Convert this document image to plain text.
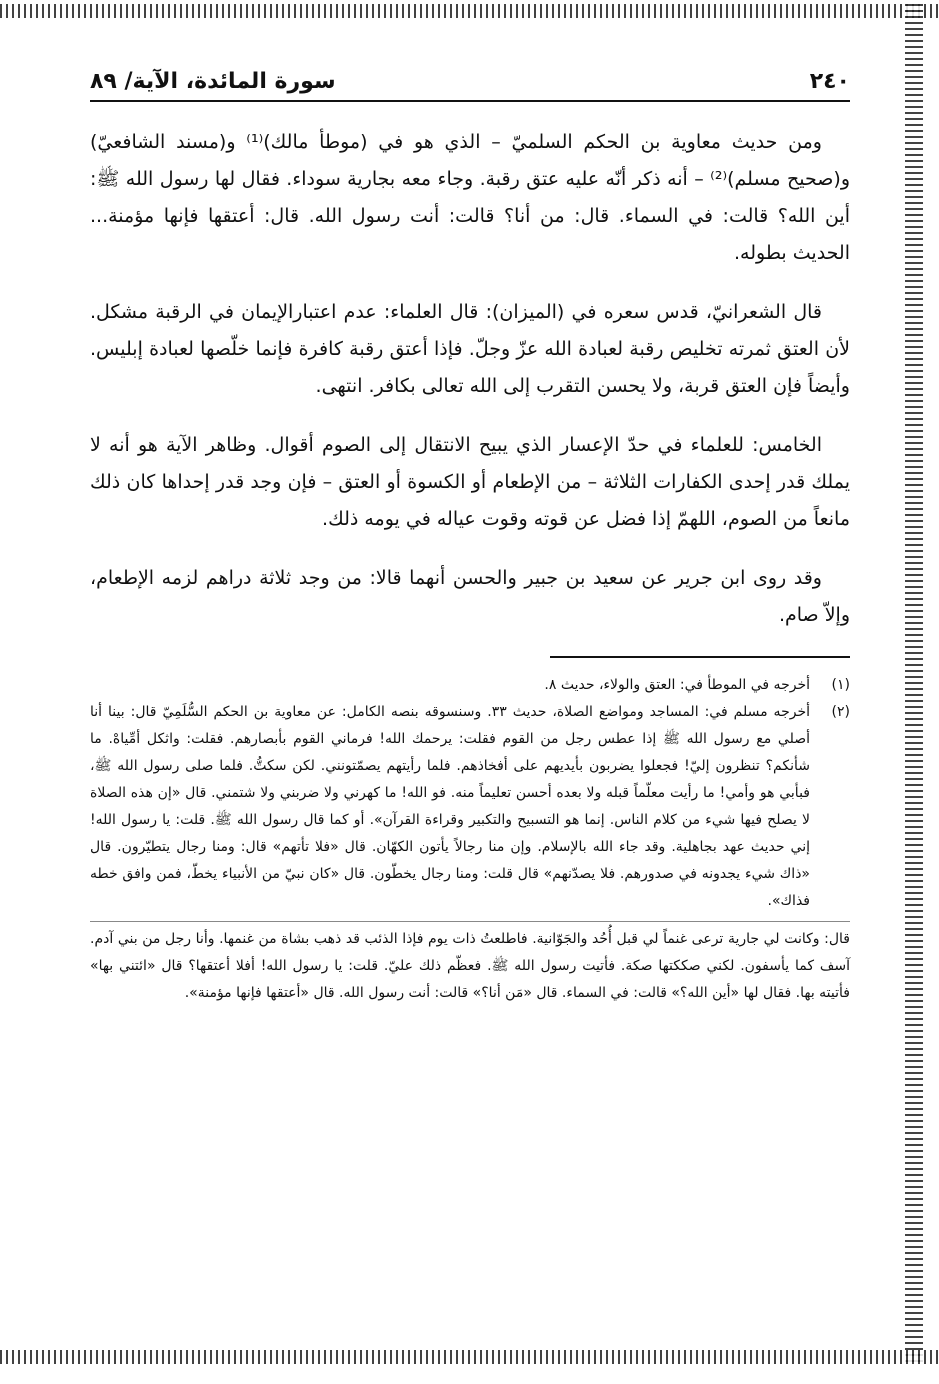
سورة المائدة، الآية/ ٨٩	٢٤٠

ومن حديث معاوية بن الحكم السلميّ – الذي هو في (موطأ مالك)⁽¹⁾ و(مسند الشافعيّ) و(صحيح مسلم)⁽²⁾ – أنه ذكر أنّه عليه عتق رقبة. وجاء معه بجارية سوداء. فقال لها رسول الله ﷺ: أين الله؟ قالت: في السماء. قال: من أنا؟ قالت: أنت رسول الله. قال: أعتقها فإنها مؤمنة... الحديث بطوله.

قال الشعرانيّ، قدس سعره في (الميزان): قال العلماء: عدم اعتبارالإيمان في الرقبة مشكل. لأن العتق ثمرته تخليص رقبة لعبادة الله عزّ وجلّ. فإذا أعتق رقبة كافرة فإنما خلّصها لعبادة إبليس. وأيضاً فإن العتق قربة، ولا يحسن التقرب إلى الله تعالى بكافر. انتهى.

الخامس: للعلماء في حدّ الإعسار الذي يبيح الانتقال إلى الصوم أقوال. وظاهر الآية هو أنه لا يملك قدر إحدى الكفارات الثلاثة – من الإطعام أو الكسوة أو العتق – فإن وجد قدر إحداها كان ذلك مانعاً من الصوم، اللهمّ إذا فضل عن قوته وقوت عياله في يومه ذلك.

وقد روى ابن جرير عن سعيد بن جبير والحسن أنهما قالا: من وجد ثلاثة دراهم لزمه الإطعام، وإلاّ صام.

(١)
أخرجه في الموطأ في: العتق والولاء، حديث ٨.

(٢)
أخرجه مسلم في: المساجد ومواضع الصلاة، حديث ٣٣. وسنسوقه بنصه الكامل: عن معاوية بن الحكم السُّلَمِيّ قال: بينا أنا أصلي مع رسول الله ﷺ إذا عطس رجل من القوم فقلت: يرحمك الله! فرماني القوم بأبصارهم. فقلت: واثكل أمِّياهْ. ما شأنكم؟ تنظرون إليّ! فجعلوا يضربون بأيديهم على أفخاذهم. فلما رأيتهم يصمّتونني. لكن سكتُّ. فلما صلى رسول الله ﷺ، فبأبي هو وأمي! ما رأيت معلّماً قبله ولا بعده أحسن تعليماً منه. فو الله! ما كهرني ولا ضربني ولا شتمني. قال «إن هذه الصلاة لا يصلح فيها شيء من كلام الناس. إنما هو التسبيح والتكبير وقراءة القرآن». أو كما قال رسول الله ﷺ. قلت: يا رسول الله! إني حديث عهد بجاهلية. وقد جاء الله بالإسلام. وإن منا رجالاً يأتون الكهّان. قال «فلا تأتهم» قال: ومنا رجال يتطيّرون. قال «ذاك شيء يجدونه في صدورهم. فلا يصدّنهم» قال قلت: ومنا رجال يخطّون. قال «كان نبيّ من الأنبياء يخطّ، فمن وافق خطه فذاك».

قال: وكانت لي جارية ترعى غنماً لي قبل أُحُد والجَوّانية. فاطلعتُ ذات يوم فإذا الذئب قد ذهب بشاة من غنمها. وأنا رجل من بني آدم. آسف كما يأسفون. لكني صككتها صكة. فأتيت رسول الله ﷺ. فعظّم ذلك عليّ. قلت: يا رسول الله! أفلا أعتقها؟ قال «ائتني بها» فأتيته بها. فقال لها «أين الله؟» قالت: في السماء. قال «مَن أنا؟» قالت: أنت رسول الله. قال «أعتقها فإنها مؤمنة».
